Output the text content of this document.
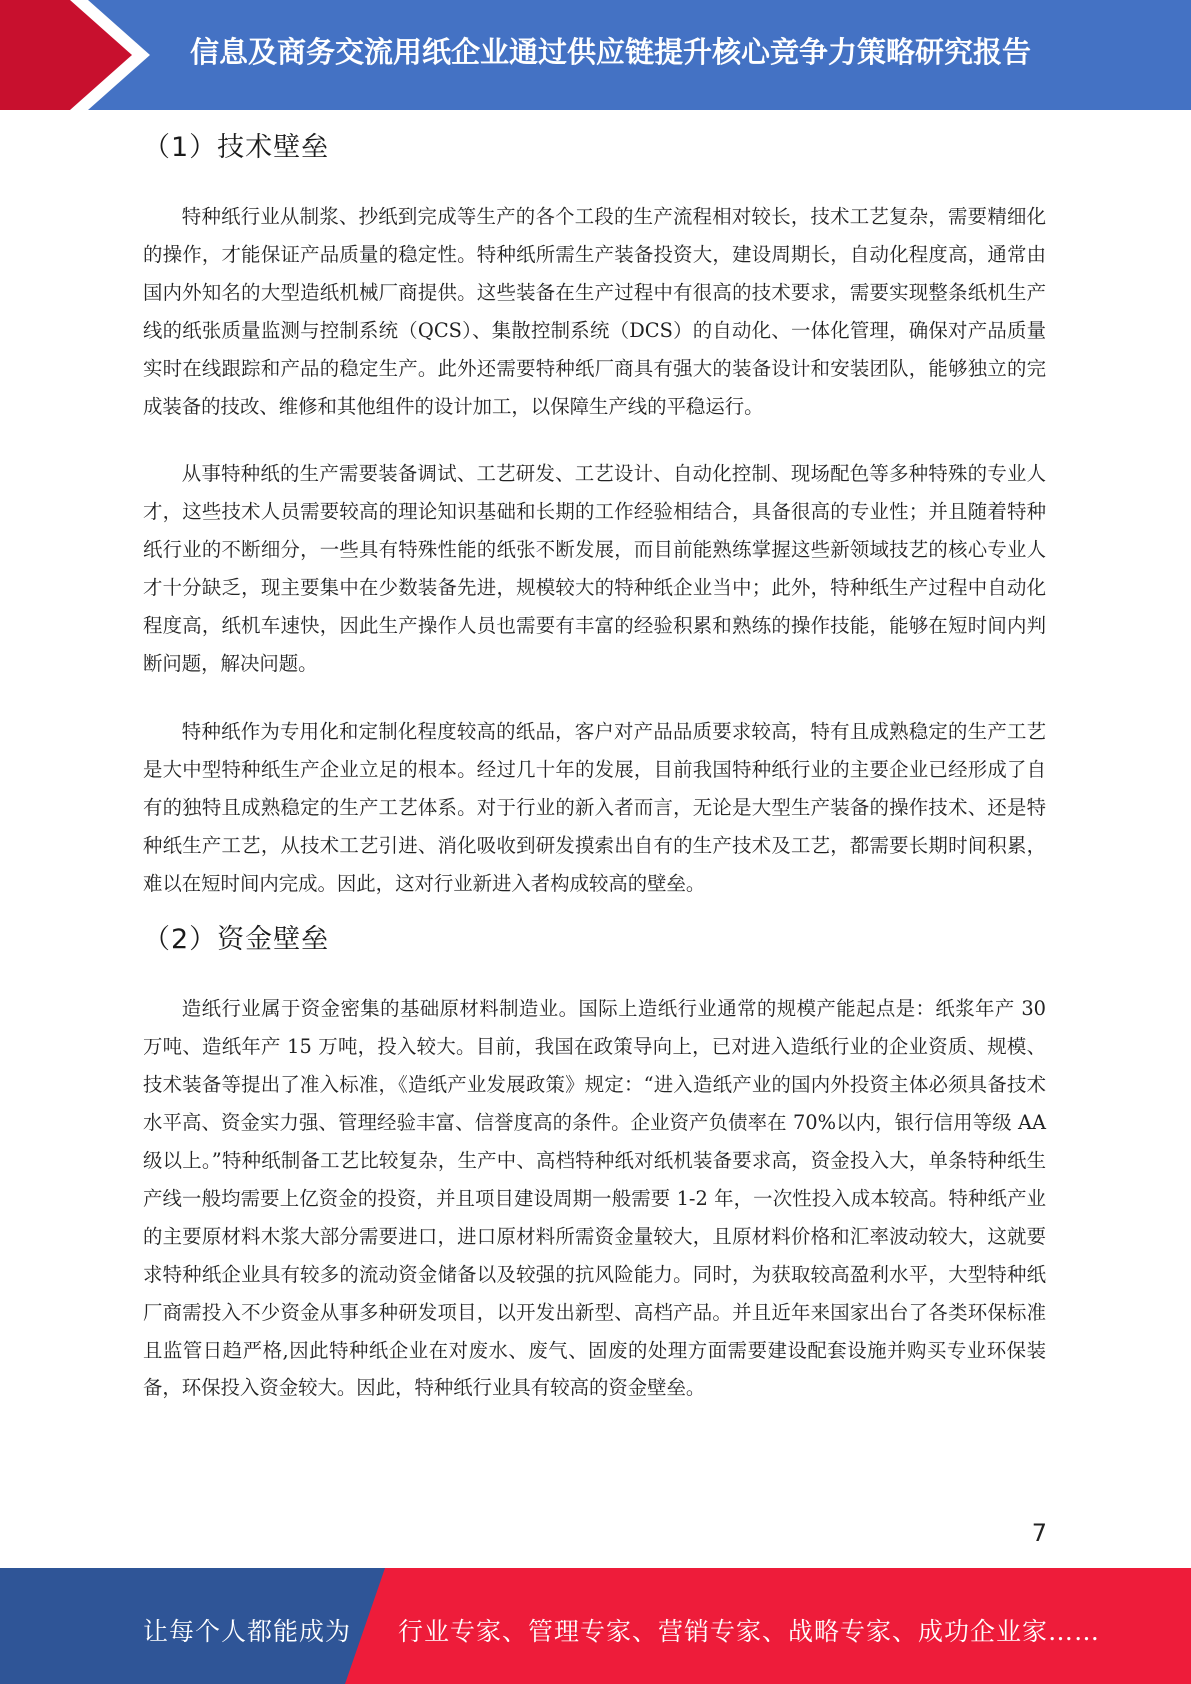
信息及商务交流用纸企业通过供应链提升核心竞争力策略研究报告
（1）技术壁垒

特种纸行业从制浆、抄纸到完成等生产的各个工段的生产流程相对较长，技术工艺复杂，需要精细化的操作，才能保证产品质量的稳定性。特种纸所需生产装备投资大，建设周期长，自动化程度高，通常由国内外知名的大型造纸机械厂商提供。这些装备在生产过程中有很高的技术要求，需要实现整条纸机生产线的纸张质量监测与控制系统（QCS）、集散控制系统（DCS）的自动化、一体化管理，确保对产品质量实时在线跟踪和产品的稳定生产。此外还需要特种纸厂商具有强大的装备设计和安装团队，能够独立的完成装备的技改、维修和其他组件的设计加工，以保障生产线的平稳运行。

从事特种纸的生产需要装备调试、工艺研发、工艺设计、自动化控制、现场配色等多种特殊的专业人才，这些技术人员需要较高的理论知识基础和长期的工作经验相结合，具备很高的专业性；并且随着特种纸行业的不断细分，一些具有特殊性能的纸张不断发展，而目前能熟练掌握这些新领域技艺的核心专业人才十分缺乏，现主要集中在少数装备先进，规模较大的特种纸企业当中；此外，特种纸生产过程中自动化程度高，纸机车速快，因此生产操作人员也需要有丰富的经验积累和熟练的操作技能，能够在短时间内判断问题，解决问题。

特种纸作为专用化和定制化程度较高的纸品，客户对产品品质要求较高，特有且成熟稳定的生产工艺是大中型特种纸生产企业立足的根本。经过几十年的发展，目前我国特种纸行业的主要企业已经形成了自有的独特且成熟稳定的生产工艺体系。对于行业的新入者而言，无论是大型生产装备的操作技术、还是特种纸生产工艺，从技术工艺引进、消化吸收到研发摸索出自有的生产技术及工艺，都需要长期时间积累，难以在短时间内完成。因此，这对行业新进入者构成较高的壁垒。

（2）资金壁垒

造纸行业属于资金密集的基础原材料制造业。国际上造纸行业通常的规模产能起点是：纸浆年产 30 万吨、造纸年产 15 万吨，投入较大。目前，我国在政策导向上，已对进入造纸行业的企业资质、规模、技术装备等提出了准入标准，《造纸产业发展政策》规定：“进入造纸产业的国内外投资主体必须具备技术水平高、资金实力强、管理经验丰富、信誉度高的条件。企业资产负债率在 70%以内，银行信用等级 AA 级以上。”特种纸制备工艺比较复杂，生产中、高档特种纸对纸机装备要求高，资金投入大，单条特种纸生产线一般均需要上亿资金的投资，并且项目建设周期一般需要 1-2 年，一次性投入成本较高。特种纸产业的主要原材料木浆大部分需要进口，进口原材料所需资金量较大，且原材料价格和汇率波动较大，这就要求特种纸企业具有较多的流动资金储备以及较强的抗风险能力。同时，为获取较高盈利水平，大型特种纸厂商需投入不少资金从事多种研发项目，以开发出新型、高档产品。并且近年来国家出台了各类环保标准且监管日趋严格,因此特种纸企业在对废水、废气、固废的处理方面需要建设配套设施并购买专业环保装备，环保投入资金较大。因此，特种纸行业具有较高的资金壁垒。

7
让每个人都能成为 行业专家、管理专家、营销专家、战略专家、成功企业家……
